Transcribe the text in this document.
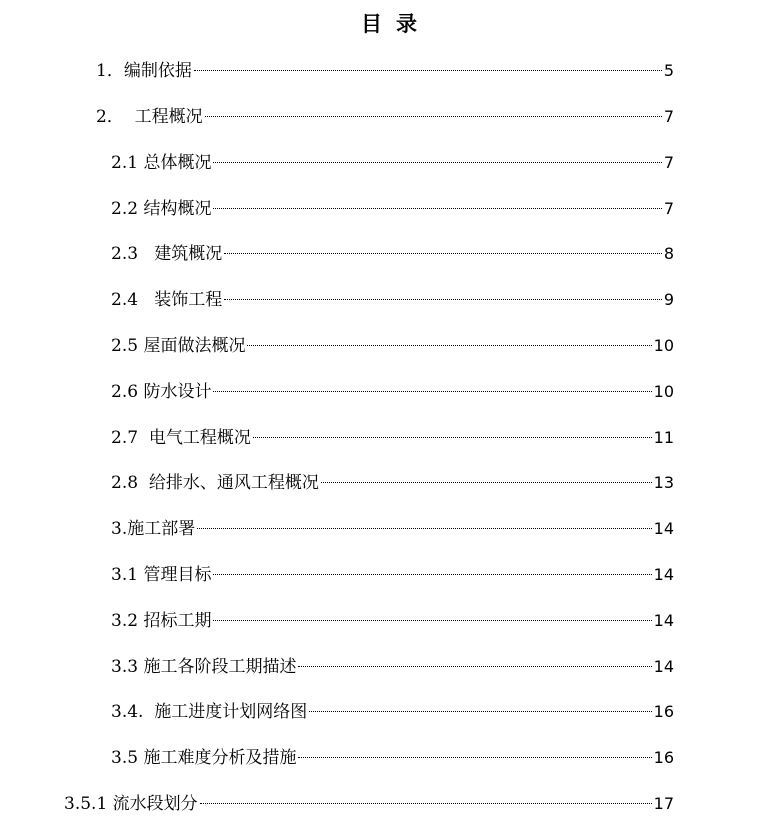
目录
1．编制依据	5
2．  工程概况	7
2.1 总体概况	7
2.2 结构概况	7
2.3   建筑概况	8
2.4   装饰工程	9
2.5 屋面做法概况	10
2.6 防水设计	10
2.7  电气工程概况	11
2.8  给排水、通风工程概况	13
3.施工部署	14
3.1 管理目标	14
3.2 招标工期	14
3.3 施工各阶段工期描述	14
3.4.  施工进度计划网络图	16
3.5 施工难度分析及措施	16
3.5.1 流水段划分	17
